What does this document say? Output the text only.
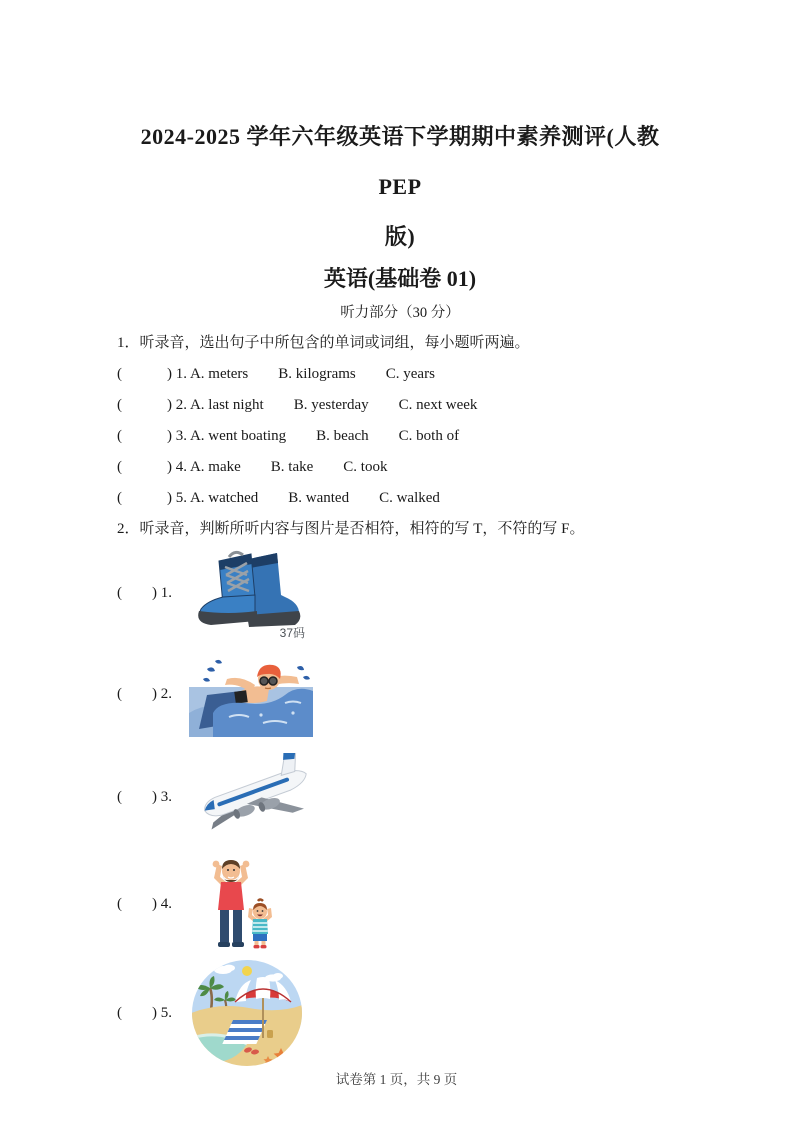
2024-2025 学年六年级英语下学期期中素养测评(人教 PEP
版)
英语(基础卷 01)
听力部分（30 分）
1．听录音，选出句子中所包含的单词或词组，每小题听两遍。
(            ) 1. A. meters B. kilograms C. years
(            ) 2. A. last night B. yesterday C. next week
(            ) 3. A. went boating B. beach C. both of
(            ) 4. A. make B. take C. took
(            ) 5. A. watched B. wanted C. walked
2．听录音，判断所听内容与图片是否相符，相符的写 T，不符的写 F。
(        ) 1.
37码
(        ) 2.
(        ) 3.
(        ) 4.
(        ) 5.
试卷第 1 页，共 9 页
